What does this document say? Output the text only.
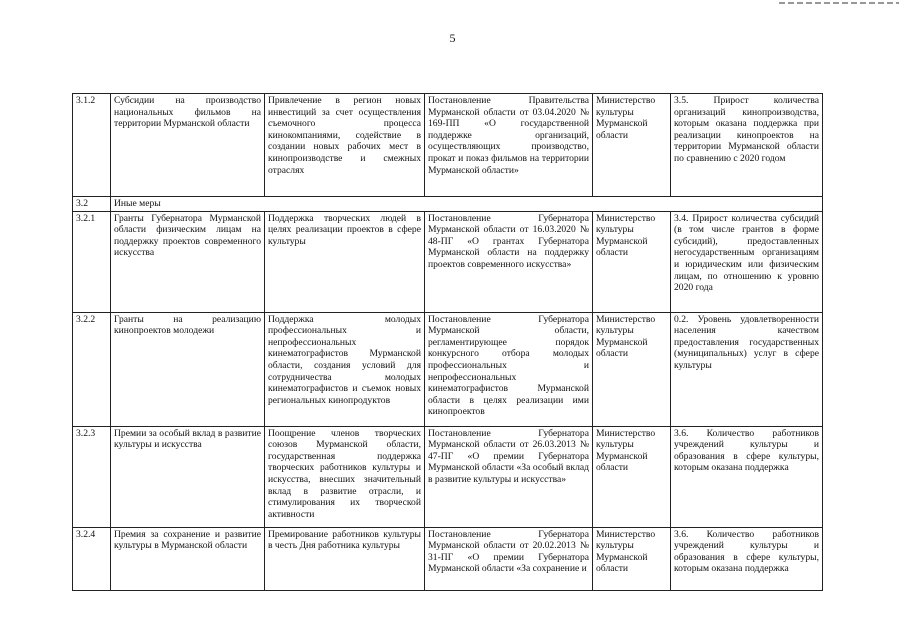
5
3.1.2	Субсидии на производство национальных фильмов на территории Мурманской области	Привлечение в регион новых инвестиций за счет осуществления съемочного процесса кинокомпаниями, содействие в создании новых рабочих мест в кинопроизводстве и смежных отраслях	Постановление Правительства Мурманской области от 03.04.2020 № 169-ПП «О государственной поддержке организаций, осуществляющих производство, прокат и показ фильмов на территории Мурманской области»	Министерство культуры Мурманской области	3.5. Прирост количества организаций кинопроизводства, которым оказана поддержка при реализации кинопроектов на территории Мурманской области по сравнению с 2020 годом
3.2	Иные меры				
3.2.1	Гранты Губернатора Мурманской области физическим лицам на поддержку проектов современного искусства	Поддержка творческих людей в целях реализации проектов в сфере культуры	Постановление Губернатора Мурманской области от 16.03.2020 № 48-ПГ «О грантах Губернатора Мурманской области на поддержку проектов современного искусства»	Министерство культуры Мурманской области	3.4. Прирост количества субсидий (в том числе грантов в форме субсидий), предоставленных негосударственным организациям и юридическим или физическим лицам, по отношению к уровню 2020 года
3.2.2	Гранты на реализацию кинопроектов молодежи	Поддержка молодых профессиональных и непрофессиональных кинематографистов Мурманской области, создания условий для сотрудничества молодых кинематографистов и съемок новых региональных кинопродуктов	Постановление Губернатора Мурманской области, регламентирующее порядок конкурсного отбора молодых профессиональных и непрофессиональных кинематографистов Мурманской области в целях реализации ими кинопроектов	Министерство культуры Мурманской области	0.2. Уровень удовлетворенности населения качеством предоставления государственных (муниципальных) услуг в сфере культуры
3.2.3	Премии за особый вклад в развитие культуры и искусства	Поощрение членов творческих союзов Мурманской области, государственная поддержка творческих работников культуры и искусства, внесших значительный вклад в развитие отрасли, и стимулирования их творческой активности	Постановление Губернатора Мурманской области от 26.03.2013 № 47-ПГ «О премии Губернатора Мурманской области «За особый вклад в развитие культуры и искусства»	Министерство культуры Мурманской области	3.6. Количество работников учреждений культуры и образования в сфере культуры, которым оказана поддержка
3.2.4	Премия за сохранение и развитие культуры в Мурманской области	Премирование работников культуры в честь Дня работника культуры	Постановление Губернатора Мурманской области от 20.02.2013 № 31-ПГ «О премии Губернатора Мурманской области «За сохранение и	Министерство культуры Мурманской области	3.6. Количество работников учреждений культуры и образования в сфере культуры, которым оказана поддержка
